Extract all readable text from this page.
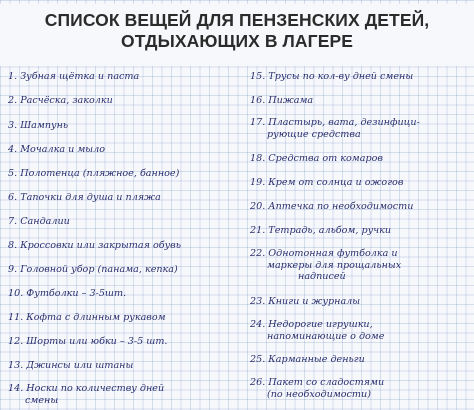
СПИСОК ВЕЩЕЙ ДЛЯ ПЕНЗЕНСКИХ ДЕТЕЙ,
ОТДЫХАЮЩИХ В ЛАГЕРЕ
1. Зубная щётка и паста
2. Расчёска, заколки
3. Шампунь
4. Мочалка и мыло
5. Полотенца (пляжное, банное)
6. Тапочки для душа и пляжа
7. Сандалии
8. Кроссовки или закрытая обувь
9. Головной убор (панама, кепка)
10. Футболки – 3-5шт.
11. Кофта с длинным рукавом
12. Шорты или юбки – 3-5 шт.
13. Джинсы или штаны
14. Носки по количеству дней
смены
15. Трусы по кол-ву дней смены
16. Пижама
17. Пластырь, вата, дезинфици-
рующие средства
18. Средства от комаров
19. Крем от солнца и ожогов
20. Аптечка по необходимости
21. Тетрадь, альбом, ручки
22. Однотонная футболка и
маркеры для прощальных
надписей
23. Книги и журналы
24. Недорогие игрушки,
напоминающие о доме
25. Карманные деньги
26. Пакет со сладостями
(по необходимости)
